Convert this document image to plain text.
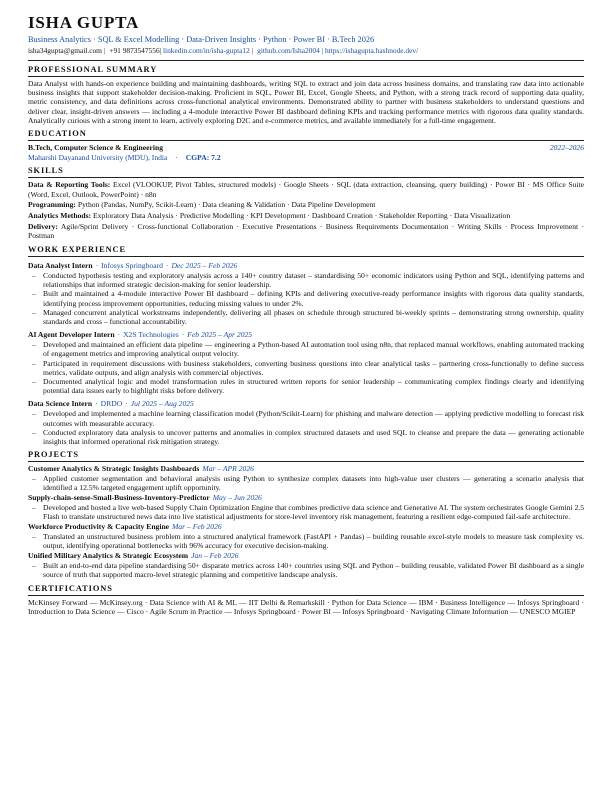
ISHA GUPTA
Business Analytics · SQL & Excel Modelling · Data-Driven Insights · Python · Power BI · B.Tech 2026
isha34gupta@gmail.com | +91 9873547556| linkedin.com/in/isha-gupta12 | github.com/Isha2004 | https://ishagupta.hashnode.dev/
PROFESSIONAL SUMMARY
Data Analyst with hands-on experience building and maintaining dashboards, writing SQL to extract and join data across business domains, and translating raw data into actionable business insights that support stakeholder decision-making. Proficient in SQL, Power BI, Excel, Google Sheets, and Python, with a strong track record of supporting data quality, metric consistency, and data definitions across cross-functional analytical environments. Demonstrated ability to partner with business stakeholders to understand questions and deliver clear, insight-driven answers — including a 4-module interactive Power BI dashboard defining KPIs and tracking performance metrics with rigorous data quality standards. Analytically curious with a strong intent to learn, actively exploring D2C and e-commerce metrics, and available immediately for a full-time engagement.
EDUCATION
B.Tech, Computer Science & Engineering	2022–2026
Maharshi Dayanand University (MDU), India · CGPA: 7.2
SKILLS
Data & Reporting Tools: Excel (VLOOKUP, Pivot Tables, structured models) · Google Sheets · SQL (data extraction, cleansing, query building) · Power BI · MS Office Suite (Word, Excel, Outlook, PowerPoint) · n8n
Programming: Python (Pandas, NumPy, Scikit-Learn) · Data cleaning & Validation · Data Pipeline Development
Analytics Methods: Exploratory Data Analysis · Predictive Modelling · KPI Development · Dashboard Creation · Stakeholder Reporting · Data Visualization
Delivery: Agile/Sprint Delivery · Cross-functional Collaboration · Executive Presentations · Business Requirements Documentation · Writing Skills · Process Improvement · Postman
WORK EXPERIENCE
Data Analyst Intern · Infosys Springboard · Dec 2025 – Feb 2026
– Conducted hypothesis testing and exploratory analysis across a 140+ country dataset – standardising 50+ economic indicators using Python and SQL, identifying patterns and relationships that informed strategic decision-making for senior leadership.
– Built and maintained a 4-module interactive Power BI dashboard – defining KPIs and delivering executive-ready performance insights with rigorous data quality standards, identifying process improvement opportunities, reducing missing values to under 2%.
– Managed concurrent analytical workstreams independently, delivering all phases on schedule through structured bi-weekly sprints – demonstrating strong ownership, quality standards and cross – functional accountability.
AI Agent Developer Intern · X2S Technologies · Feb 2025 – Apr 2025
– Developed and maintained an efficient data pipeline — engineering a Python-based AI automation tool using n8n, that replaced manual workflows, enabling automated tracking of engagement metrics and improving analytical output velocity.
– Participated in requirement discussions with business stakeholders, converting business questions into clear analytical tasks – partnering cross-functionally to define success metrics, validate outputs, and align analysis with commercial objectives.
– Documented analytical logic and model transformation rules in structured written reports for senior leadership – communicating complex findings clearly and identifying potential data issues early to highlight risks before delivery.
Data Science Intern · DRDO · Jul 2025 – Aug 2025
– Developed and implemented a machine learning classification model (Python/Scikit-Learn) for phishing and malware detection — applying predictive modelling to forecast risk outcomes with measurable accuracy.
– Conducted exploratory data analysis to uncover patterns and anomalies in complex structured datasets and used SQL to cleanse and prepare the data — generating actionable insights that informed operational risk mitigation strategy.
PROJECTS
Customer Analytics & Strategic Insights Dashboards Mar – APR 2026
– Applied customer segmentation and behavioral analysis using Python to synthesize complex datasets into high-value user clusters — generating a scenario analysis that identified a 12.5% targeted engagement uplift opportunity.
Supply-chain-sense-Small-Business-Inventory-Predictor May – Jun 2026
– Developed and hosted a live web-based Supply Chain Optimization Engine that combines predictive data science and Generative AI. The system orchestrates Google Gemini 2.5 Flash to translate unstructured news data into live statistical adjustments for store-level inventory risk management, featuring a resilient edge-computed fail-safe architecture.
Workforce Productivity & Capacity Engine Mar – Feb 2026
– Translated an unstructured business problem into a structured analytical framework (FastAPI + Pandas) – building reusable excel-style models to measure task complexity vs. output, identifying operational bottlenecks with 96% accuracy for executive decision-making.
Unified Military Analytics & Strategic Ecosystem Jan – Feb 2026
– Built an end-to-end data pipeline standardising 50+ disparate metrics across 140+ countries using SQL and Python – building reusable, validated Power BI dashboard as a single source of truth that supported macro-level strategic planning and competitive landscape analysis.
CERTIFICATIONS
McKinsey Forward — McKinsey.org · Data Science with AI & ML — IIT Delhi & Remarkskill · Python for Data Science — IBM · Business Intelligence — Infosys Springboard · Introduction to Data Science — Cisco · Agile Scrum in Practice — Infosys Springboard · Power BI — Infosys Springboard · Navigating Climate Information — UNESCO MGIEP
